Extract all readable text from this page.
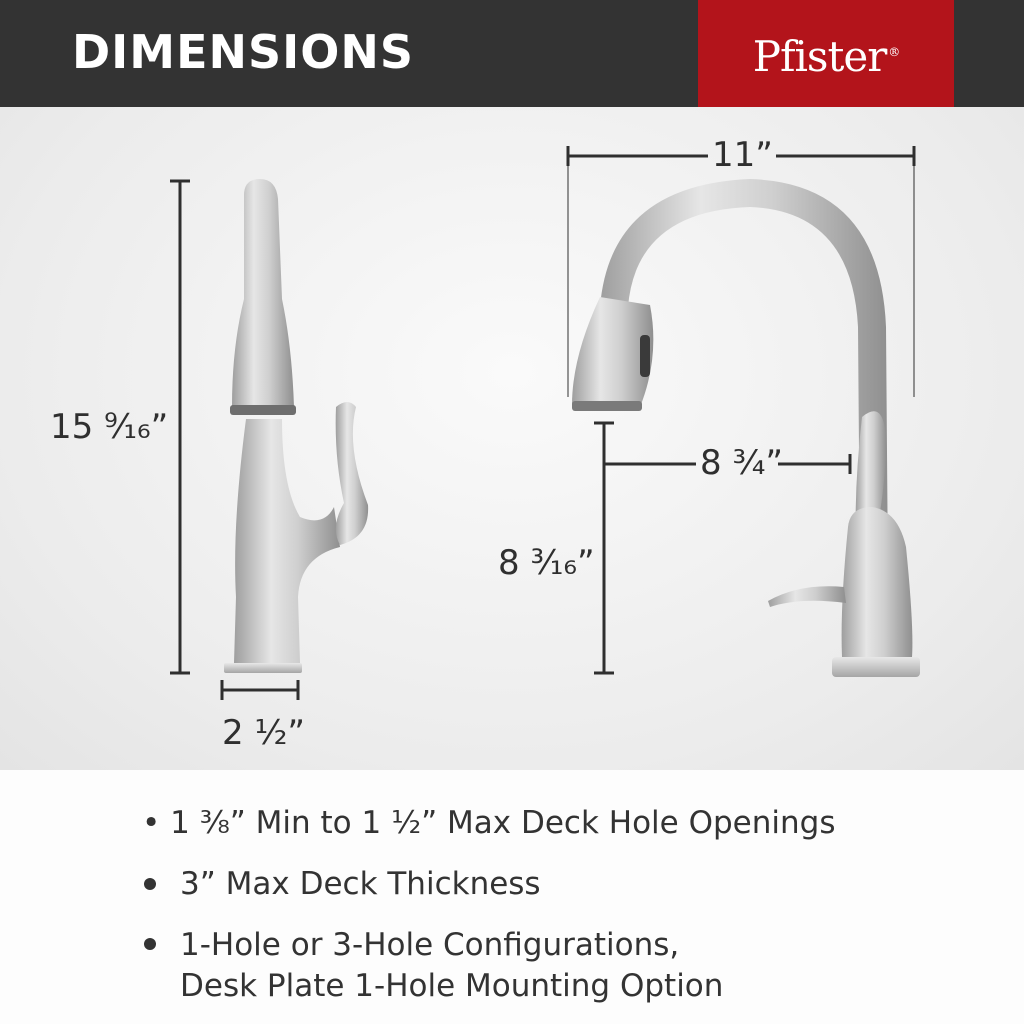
DIMENSIONS	Pfister ®
15 ⁹⁄₁₆”
2 ½”
11”
8 ¾”
8 ³⁄₁₆”
• 1 ³⁄₈” Min to 1 ½” Max Deck Hole Openings
3” Max Deck Thickness
1-Hole or 3-Hole Configurations,
Desk Plate 1-Hole Mounting Option
